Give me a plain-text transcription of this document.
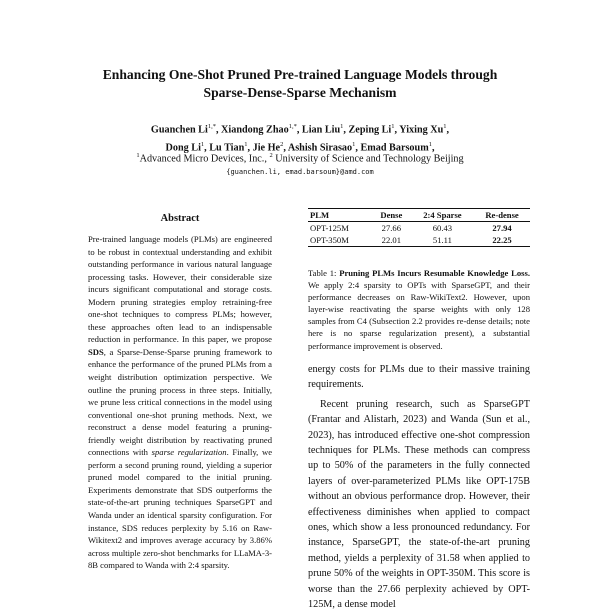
Enhancing One-Shot Pruned Pre-trained Language Models through
Sparse-Dense-Sparse Mechanism
Guanchen $Li^{1,*}$, Xiandong Zhao$^{1,*}$, Lian Liu$^1$, Zeping Li$^1$, Yixing Xu$^1$,
Dong Li$^1$, Lu Tian$^1$, Jie He$^2$, Ashish Sirasao$^1$, Emad Barsoum$^1$,
$^1$Advanced Micro Devices, Inc., $^2$ University of Science and Technology Beijing
{guanchen.li, emad.barsoum}@amd.com
Abstract
Pre-trained language models (PLMs) are engineered to be robust in contextual understanding and exhibit outstanding performance in various natural language processing tasks. However, their considerable size incurs significant computational and storage costs. Modern pruning strategies employ retraining-free one-shot techniques to compress PLMs; however, these approaches often lead to an indispensable reduction in performance. In this paper, we propose SDS, a Sparse-Dense-Sparse pruning framework to enhance the performance of the pruned PLMs from a weight distribution optimization perspective. We outline the pruning process in three steps. Initially, we prune less critical connections in the model using conventional one-shot pruning methods. Next, we reconstruct a dense model featuring a pruning-friendly weight distribution by reactivating pruned connections with sparse regularization. Finally, we perform a second pruning round, yielding a superior pruned model compared to the initial pruning. Experiments demonstrate that SDS outperforms the state-of-the-art pruning techniques SparseGPT and Wanda under an identical sparsity configuration. For instance, SDS reduces perplexity by 5.16 on Raw-Wikitext2 and improves average accuracy by 3.86% across multiple zero-shot benchmarks for LLaMA-3-8B compared to Wanda with 2:4 sparsity.
PLM	Dense	2:4 Sparse	Re-dense
OPT-125M	27.66	60.43	27.94
OPT-350M	22.01	51.11	22.25
Table 1: Pruning PLMs Incurs Resumable Knowledge Loss. We apply 2:4 sparsity to OPTs with SparseGPT, and their performance decreases on Raw-WikiText2. However, upon layer-wise reactivating the sparse weights with only 128 samples from C4 (Subsection 2.2 provides re-dense details; note here is no sparse regularization present), a substantial performance improvement is observed.

energy costs for PLMs due to their massive training requirements.

Recent pruning research, such as SparseGPT (Frantar and Alistarh, 2023) and Wanda (Sun et al., 2023), has introduced effective one-shot compression techniques for PLMs. These methods can compress up to 50% of the parameters in the fully connected layers of over-parameterized PLMs like OPT-175B without an obvious performance drop. However, their effectiveness diminishes when applied to compact ones, which show a less pronounced redundancy. For instance, SparseGPT, the state-of-the-art pruning method, yields a perplexity of 31.58 when applied to prune 50% of the weights in OPT-350M. This score is worse than the 27.66 perplexity achieved by OPT-125M, a dense model
